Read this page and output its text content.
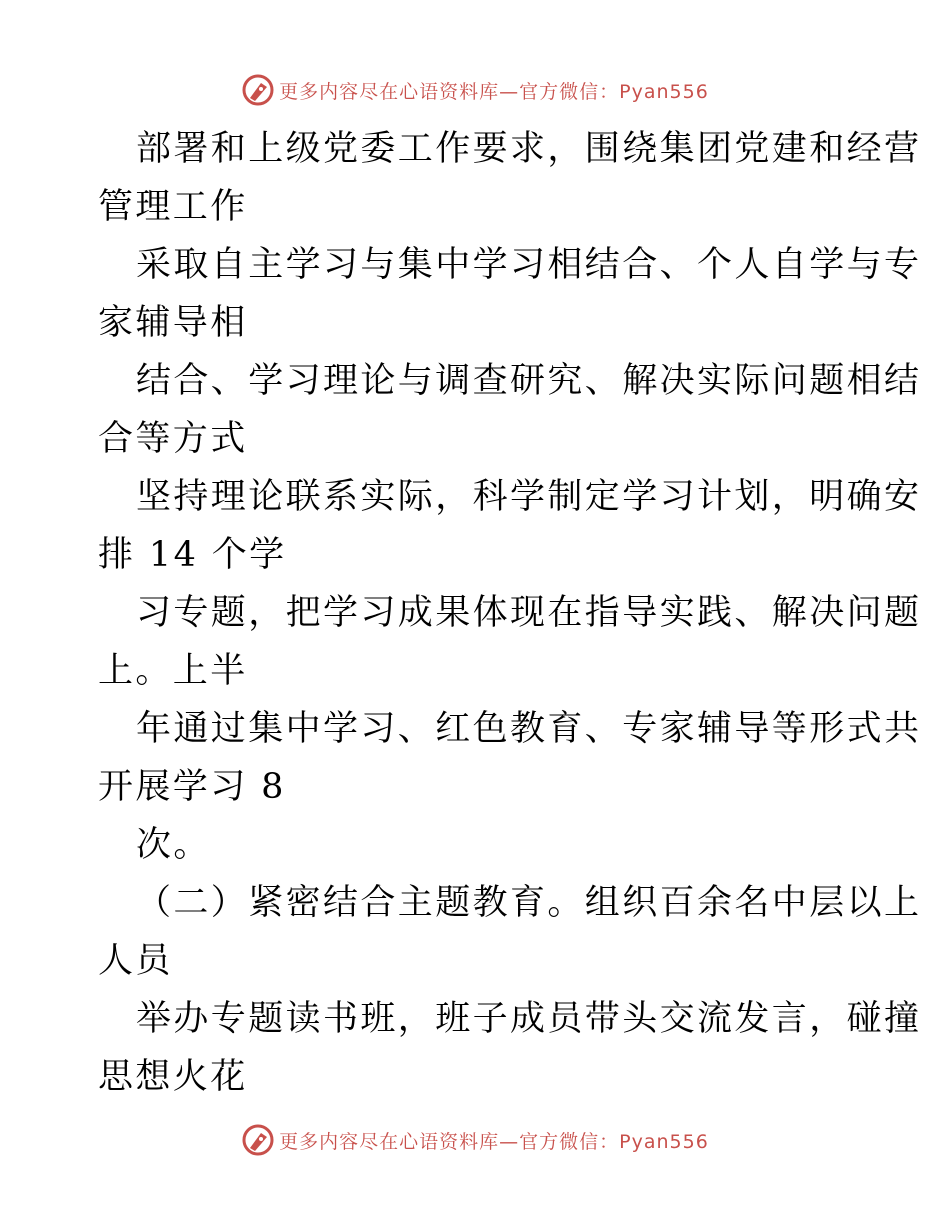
更多内容尽在心语资料库—官方微信：Pyan556

部署和上级党委工作要求，围绕集团党建和经营
管理工作

采取自主学习与集中学习相结合、个人自学与专
家辅导相

结合、学习理论与调查研究、解决实际问题相结
合等方式

坚持理论联系实际，科学制定学习计划，明确安
排 14 个学

习专题，把学习成果体现在指导实践、解决问题
上。上半

年通过集中学习、红色教育、专家辅导等形式共
开展学习 8

次。

（二）紧密结合主题教育。组织百余名中层以上
人员

举办专题读书班，班子成员带头交流发言，碰撞
思想火花

更多内容尽在心语资料库—官方微信：Pyan556
